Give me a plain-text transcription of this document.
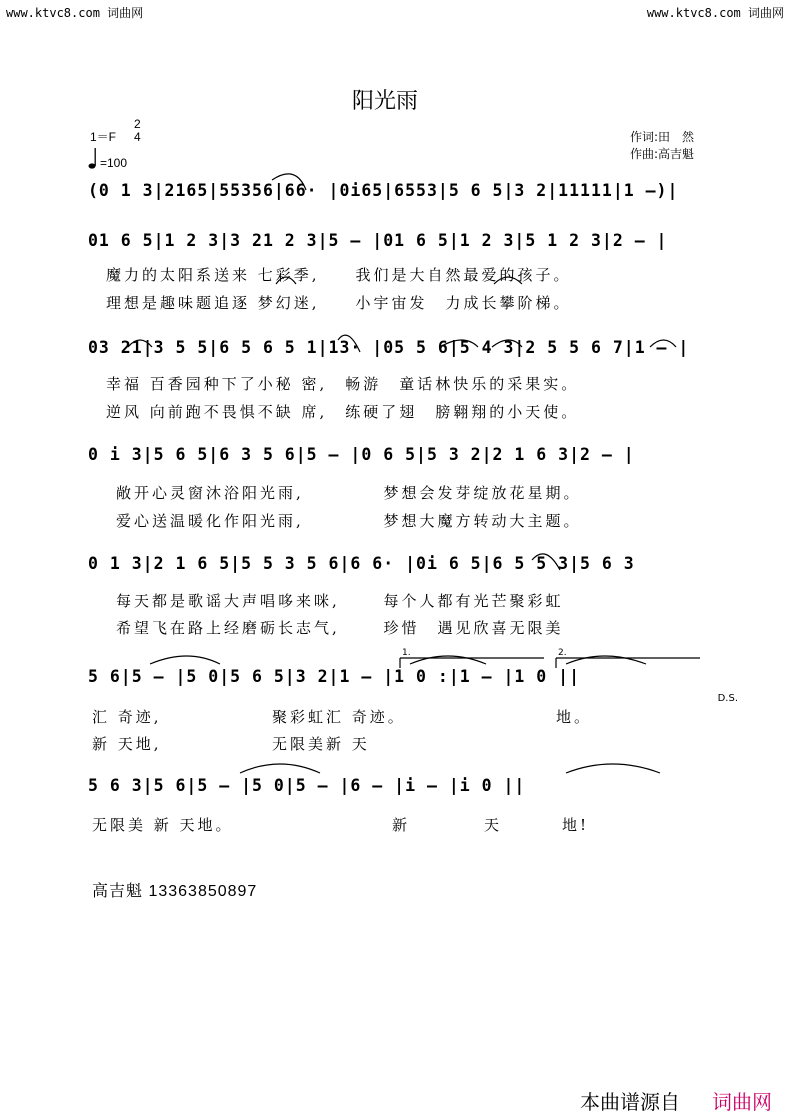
www.ktvc8.com 词曲网	www.ktvc8.com 词曲网
阳光雨
1＝F
2
4
=100
作词:田　然
作曲:高吉魁
(0 1 3|2165|55356|66· |0i65|6553|5 6 5|3 2|11111|1 –)|
01 6 5|1 2 3|3 21 2 3|5 – |01 6 5|1 2 3|5 1 2 3|2 – |
魔力的太阳系送来 七彩季,　　我们是大自然最爱的孩子。
理想是趣味题追逐 梦幻迷,　　小宇宙发　力成长攀阶梯。
03 21|3 5 5|6 5 6 5 1|13· |05 5 6|5 4 3|2 5 5 6 7|1 – |
幸福 百香园种下了小秘 密,　畅游　童话林快乐的采果实。
逆风 向前跑不畏惧不缺 席,　练硬了翅　膀翱翔的小天使。
0 i 3|5 6 5|6 3 5 6|5 – |0 6 5|5 3 2|2 1 6 3|2 – |
敞开心灵窗沐浴阳光雨,　　　　 梦想会发芽绽放花星期。
爱心送温暖化作阳光雨,　　　　 梦想大魔方转动大主题。
0 1 3|2 1 6 5|5 5 3 5 6|6 6· |0i 6 5|6 5 5 3|5 6 3
每天都是歌谣大声唱哆来咪,　　 每个人都有光芒聚彩虹
希望飞在路上经磨砺长志气,　　 珍惜　遇见欣喜无限美
1.	2.
5 6|5 – |5 0|5 6 5|3 2|1 – |1 0 :|1 – |1 0 ||
D.S.
汇 奇迹,	聚彩虹汇 奇迹。	地。
新 天地,	无限美新 天
5 6 3|5 6|5 – |5 0|5 – |6 – |i – |i 0 ||
无限美 新 天地。	新	天	地!
高吉魁 13363850897
本曲谱源自 词曲网
